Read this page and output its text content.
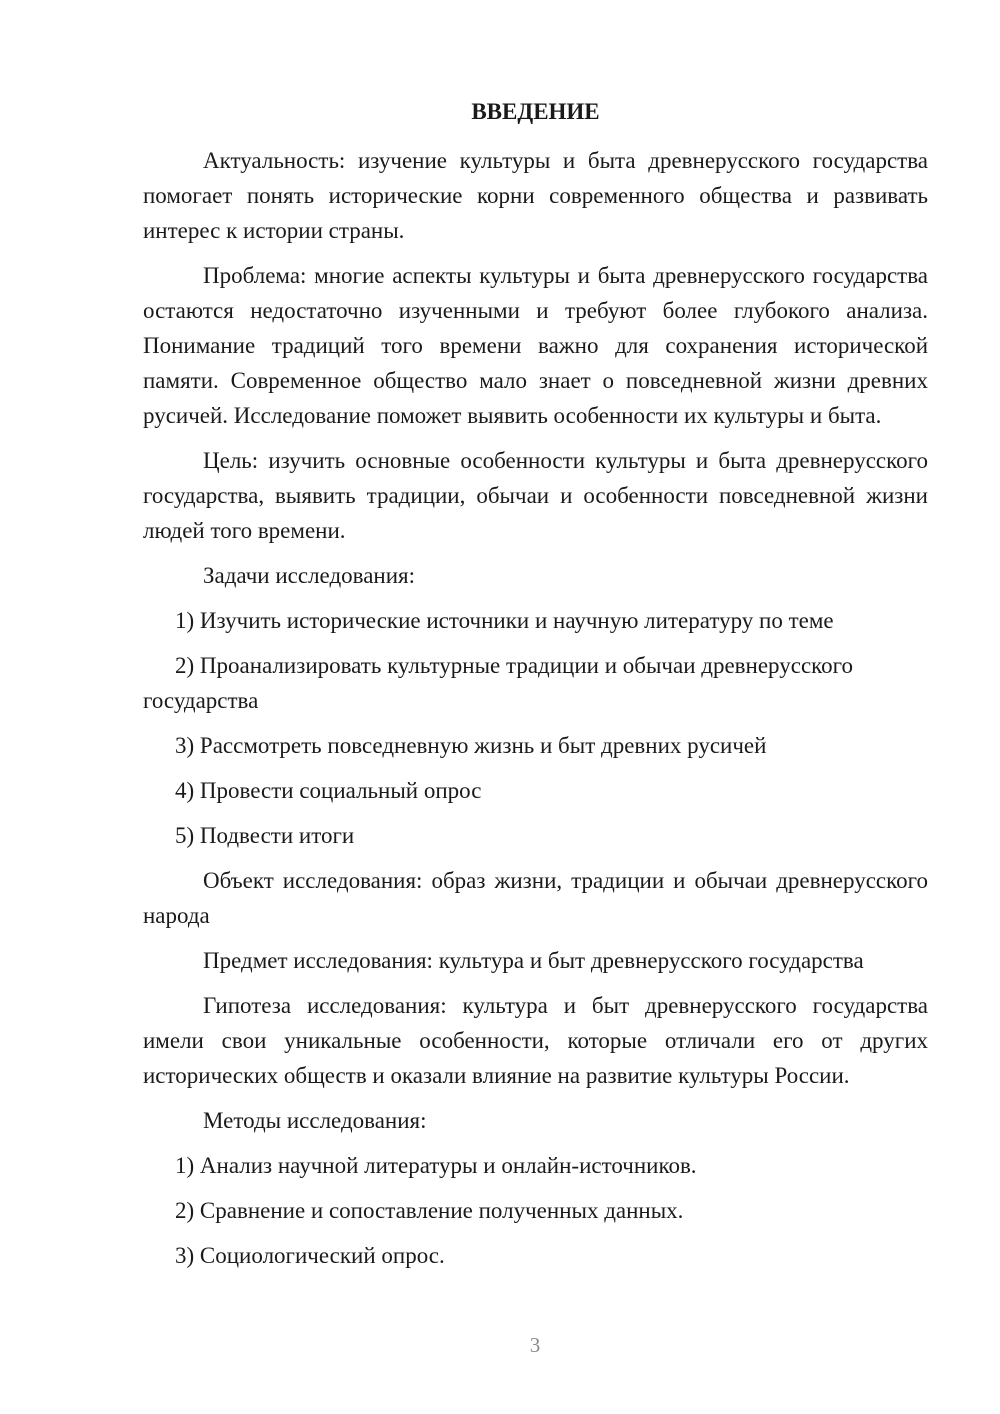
ВВЕДЕНИЕ

Актуальность: изучение культуры и быта древнерусского государства помогает понять исторические корни современного общества и развивать интерес к истории страны.

Проблема: многие аспекты культуры и быта древнерусского государства остаются недостаточно изученными и требуют более глубокого анализа. Понимание традиций того времени важно для сохранения исторической памяти. Современное общество мало знает о повседневной жизни древних русичей. Исследование поможет выявить особенности их культуры и быта.

Цель: изучить основные особенности культуры и быта древнерусского государства, выявить традиции, обычаи и особенности повседневной жизни людей того времени.

Задачи исследования:

1) Изучить исторические источники и научную литературу по теме

2) Проанализировать культурные традиции и обычаи древнерусского государства

3) Рассмотреть повседневную жизнь и быт древних русичей

4) Провести социальный опрос

5) Подвести итоги

Объект исследования: образ жизни, традиции и обычаи древнерусского народа

Предмет исследования: культура и быт древнерусского государства

Гипотеза исследования: культура и быт древнерусского государства имели свои уникальные особенности, которые отличали его от других исторических обществ и оказали влияние на развитие культуры России.

Методы исследования:

1) Анализ научной литературы и онлайн-источников.

2) Сравнение и сопоставление полученных данных.

3) Социологический опрос.

3
